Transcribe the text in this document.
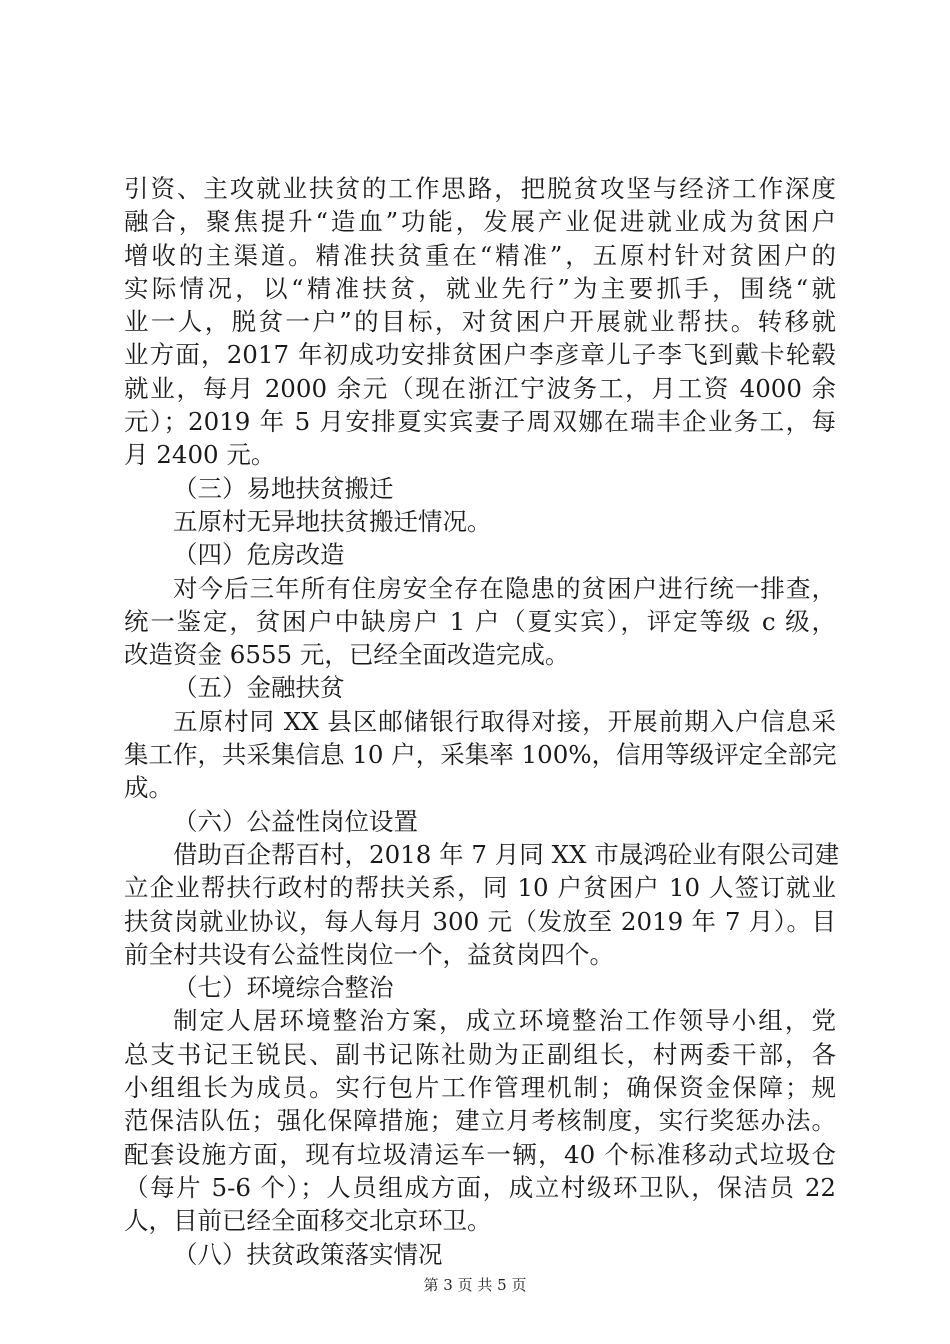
引资、主攻就业扶贫的工作思路，把脱贫攻坚与经济工作深度
融合，聚焦提升“造血”功能，发展产业促进就业成为贫困户
增收的主渠道。精准扶贫重在“精准”，五原村针对贫困户的
实际情况，以“精准扶贫，就业先行”为主要抓手，围绕“就
业一人，脱贫一户”的目标，对贫困户开展就业帮扶。转移就
业方面，2017 年初成功安排贫困户李彦章儿子李飞到戴卡轮毂
就业，每月 2000 余元（现在浙江宁波务工，月工资 4000 余
元）；2019 年 5 月安排夏实宾妻子周双娜在瑞丰企业务工，每
月 2400 元。
（三）易地扶贫搬迁
五原村无异地扶贫搬迁情况。
（四）危房改造
对今后三年所有住房安全存在隐患的贫困户进行统一排查，
统一鉴定，贫困户中缺房户 1 户（夏实宾），评定等级 c 级，
改造资金 6555 元，已经全面改造完成。
（五）金融扶贫
五原村同 XX 县区邮储银行取得对接，开展前期入户信息采
集工作，共采集信息 10 户，采集率 100%，信用等级评定全部完
成。
（六）公益性岗位设置
借助百企帮百村，2018 年 7 月同 XX 市晟鸿砼业有限公司建
立企业帮扶行政村的帮扶关系，同 10 户贫困户 10 人签订就业
扶贫岗就业协议，每人每月 300 元（发放至 2019 年 7 月）。目
前全村共设有公益性岗位一个，益贫岗四个。
（七）环境综合整治
制定人居环境整治方案，成立环境整治工作领导小组，党
总支书记王锐民、副书记陈社勋为正副组长，村两委干部，各
小组组长为成员。实行包片工作管理机制；确保资金保障；规
范保洁队伍；强化保障措施；建立月考核制度，实行奖惩办法。
配套设施方面，现有垃圾清运车一辆，40 个标准移动式垃圾仓
（每片 5-6 个）；人员组成方面，成立村级环卫队，保洁员 22
人，目前已经全面移交北京环卫。
（八）扶贫政策落实情况
第 3 页 共 5 页
